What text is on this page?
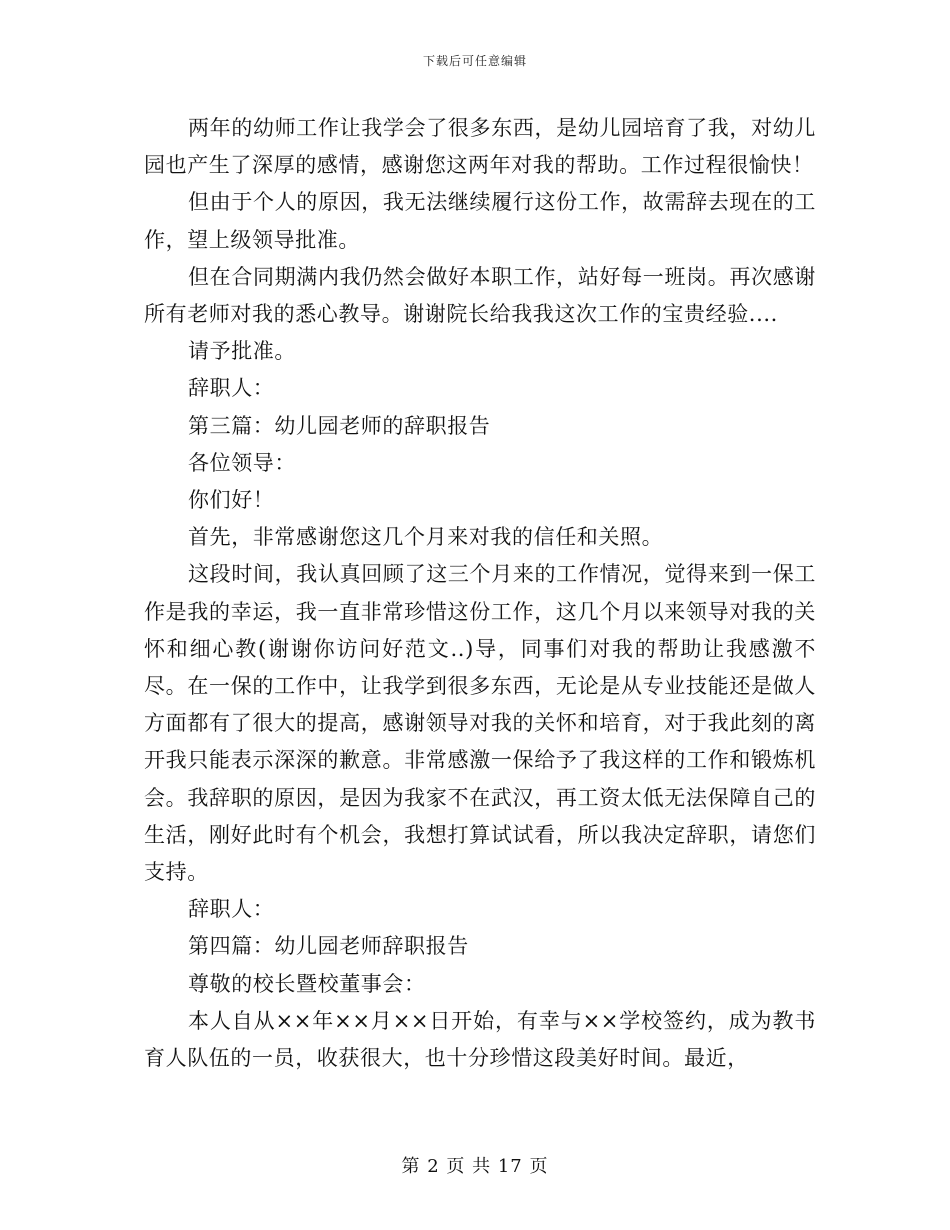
下载后可任意编辑

两年的幼师工作让我学会了很多东西，是幼儿园培育了我，对幼儿园也产生了深厚的感情，感谢您这两年对我的帮助。工作过程很愉快！

但由于个人的原因，我无法继续履行这份工作，故需辞去现在的工作，望上级领导批准。

但在合同期满内我仍然会做好本职工作，站好每一班岗。再次感谢所有老师对我的悉心教导。谢谢院长给我我这次工作的宝贵经验....

请予批准。

辞职人：

第三篇：幼儿园老师的辞职报告

各位领导：

你们好！

首先，非常感谢您这几个月来对我的信任和关照。

这段时间，我认真回顾了这三个月来的工作情况，觉得来到一保工作是我的幸运，我一直非常珍惜这份工作，这几个月以来领导对我的关怀和细心教(谢谢你访问好范文..)导，同事们对我的帮助让我感激不尽。在一保的工作中，让我学到很多东西，无论是从专业技能还是做人方面都有了很大的提高，感谢领导对我的关怀和培育，对于我此刻的离开我只能表示深深的歉意。非常感激一保给予了我这样的工作和锻炼机会。我辞职的原因，是因为我家不在武汉，再工资太低无法保障自己的生活，刚好此时有个机会，我想打算试试看，所以我决定辞职，请您们支持。

辞职人：

第四篇：幼儿园老师辞职报告

尊敬的校长暨校董事会：

本人自从××年××月××日开始，有幸与××学校签约，成为教书育人队伍的一员，收获很大，也十分珍惜这段美好时间。最近，

第 2 页 共 17 页
